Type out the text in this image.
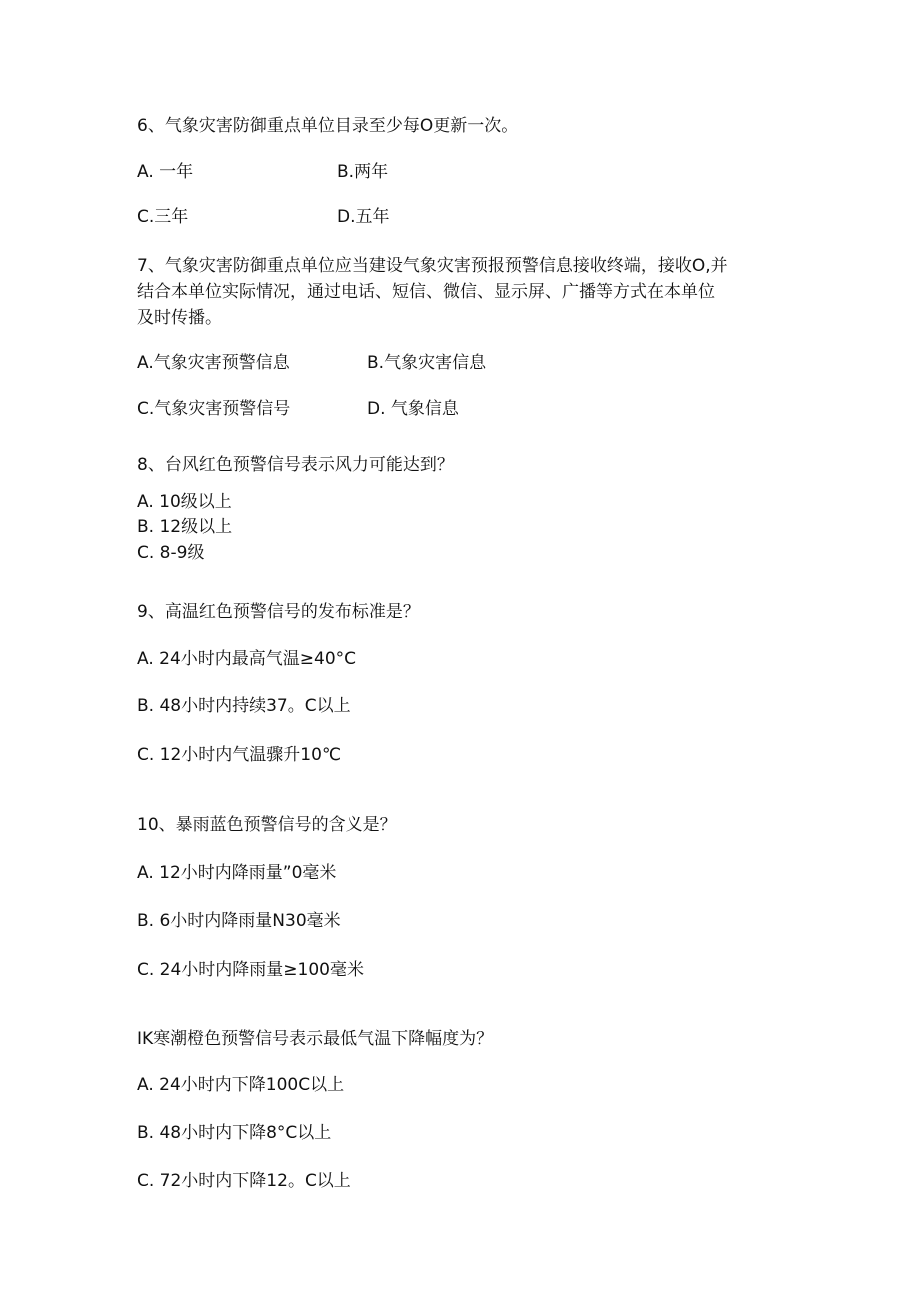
6、气象灾害防御重点单位目录至少每O更新一次。
A. 一年	B.两年
C.三年	D.五年
7、气象灾害防御重点单位应当建设气象灾害预报预警信息接收终端，接收O,并
结合本单位实际情况，通过电话、短信、微信、显示屏、广播等方式在本单位
及时传播。
A.气象灾害预警信息	B.气象灾害信息
C.气象灾害预警信号	D. 气象信息
8、台风红色预警信号表示风力可能达到？
A. 10级以上
B. 12级以上
C. 8-9级
9、高温红色预警信号的发布标准是？
A. 24小时内最高气温≥40°C
B. 48小时内持续37。C以上
C. 12小时内气温骤升10℃
10、暴雨蓝色预警信号的含义是？
A. 12小时内降雨量”0毫米
B. 6小时内降雨量N30毫米
C. 24小时内降雨量≥100毫米
IK寒潮橙色预警信号表示最低气温下降幅度为？
A. 24小时内下降100C以上
B. 48小时内下降8°C以上
C. 72小时内下降12。C以上
